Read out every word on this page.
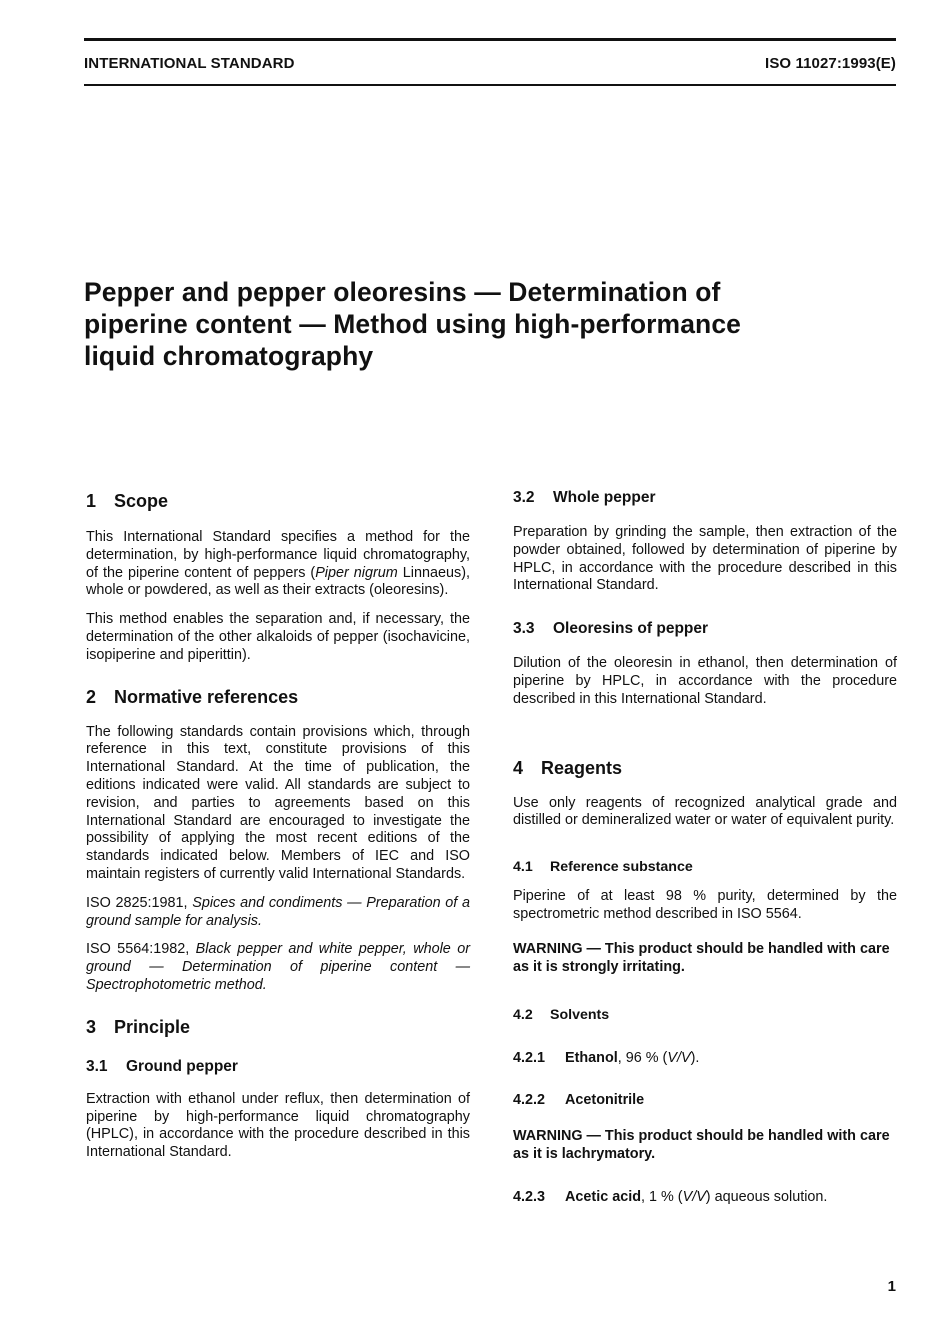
INTERNATIONAL STANDARD	ISO 11027:1993(E)
Pepper and pepper oleoresins — Determination of
piperine content — Method using high-performance
liquid chromatography
1 Scope

This International Standard specifies a method for the determination, by high-performance liquid chromatography, of the piperine content of peppers (Piper nigrum Linnaeus), whole or powdered, as well as their extracts (oleoresins).

This method enables the separation and, if necessary, the determination of the other alkaloids of pepper (isochavicine, isopiperine and piperittin).

2 Normative references

The following standards contain provisions which, through reference in this text, constitute provisions of this International Standard. At the time of publication, the editions indicated were valid. All standards are subject to revision, and parties to agreements based on this International Standard are encouraged to investigate the possibility of applying the most recent editions of the standards indicated below. Members of IEC and ISO maintain registers of currently valid International Standards.

ISO 2825:1981, Spices and condiments — Preparation of a ground sample for analysis.

ISO 5564:1982, Black pepper and white pepper, whole or ground — Determination of piperine content — Spectrophotometric method.

3 Principle
3.1 Ground pepper

Extraction with ethanol under reflux, then determination of piperine by high-performance liquid chromatography (HPLC), in accordance with the procedure described in this International Standard.

3.2 Whole pepper

Preparation by grinding the sample, then extraction of the powder obtained, followed by determination of piperine by HPLC, in accordance with the procedure described in this International Standard.

3.3 Oleoresins of pepper

Dilution of the oleoresin in ethanol, then determination of piperine by HPLC, in accordance with the procedure described in this International Standard.

4 Reagents

Use only reagents of recognized analytical grade and distilled or demineralized water or water of equivalent purity.

4.1 Reference substance

Piperine of at least 98 % purity, determined by the spectrometric method described in ISO 5564.

WARNING — This product should be handled with care as it is strongly irritating.

4.2 Solvents
4.2.1 Ethanol, 96 % (V/V).
4.2.2 Acetonitrile

WARNING — This product should be handled with care as it is lachrymatory.

4.2.3 Acetic acid, 1 % (V/V) aqueous solution.
1
